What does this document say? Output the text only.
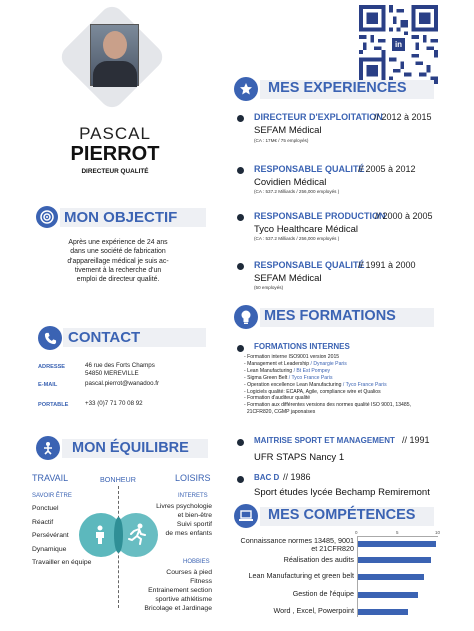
PASCAL
PIERROT
DIRECTEUR QUALITÉ
MON OBJECTIF
Après une expérience de 24 ans
dans une société de fabrication
d'appareillage médical je suis ac-
tivement à la recherche d'un
emploi de directeur qualité.
CONTACT
ADRESSE	46 rue des Forts Champs
54850 MEREVILLE
E-MAIL	pascal.pierrot@wanadoo.fr
PORTABLE	+33 (0)7 71 70 08 92
MON ÉQUILIBRE
TRAVAIL	BONHEUR	LOISIRS
SAVOIR ÊTRE
Ponctuel
Réactif
Persévérant
Dynamique
Travailler en équipe
INTERETS
Livres psychologie
et bien-être
Suivi sportif
de mes enfants
HOBBIES
Courses à pied
Fitness
Entrainement section
sportive athlétisme
Bricolage et Jardinage
in
MES EXPERIENCES
DIRECTEUR D'EXPLOITATION
// 2012 à 2015
SEFAM Médical
(CA : 17M€ / 75 employés)
RESPONSABLE QUALITÉ
// 2005 à 2012
Covidien Médical
(CA : 537.2 Milliards / 256,000 employés )
RESPONSABLE PRODUCTION
// 2000 à 2005
Tyco Healthcare Médical
(CA : 537.2 Milliards / 256,000 employés )
RESPONSABLE QUALITÉ
// 1991 à 2000
SEFAM Médical
(50 employés)
MES FORMATIONS
FORMATIONS INTERNES
- Formation interne ISO9001 version 2015
- Management et Leadership / Dynargie Paris
- Lean Manufacturing / Bt Est Pompey
- Sigma Green Belt / Tyco France Paris
- Operation excellence Lean Manufacturing / Tyco France Paris
- Logiciels qualité: ECAPA, Agile, compliance wire et Qualios
- Formation d'auditeur qualité
- Formation aux différentes versions des normes qualité ISO 9001, 13485,
21CFR820, CGMP japonaises
MAITRISE SPORT ET MANAGEMENT // 1991
UFR STAPS Nancy 1
BAC D // 1986
Sport études lycée Bechamp Remiremont
MES COMPÉTENCES
0	5	10
Connaissance normes 13485, 9001 et 21CFR820
Réalisation des audits
Lean Manufacturing et green belt
Gestion de l'équipe
Word , Excel, Powerpoint
